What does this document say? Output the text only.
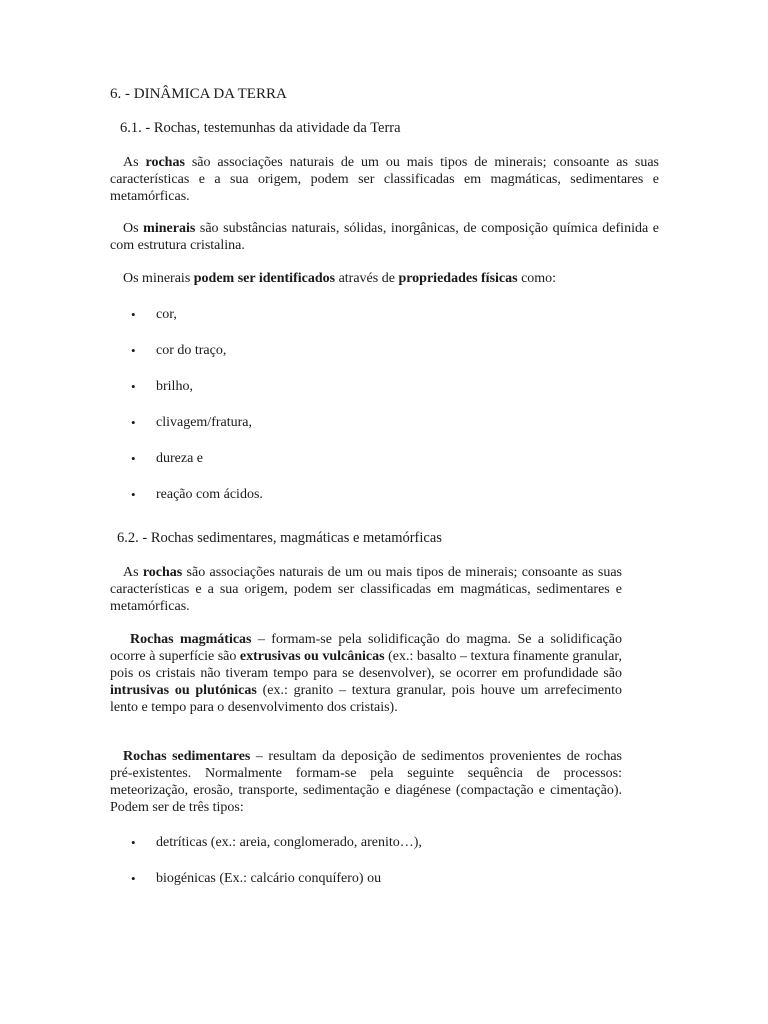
6. - DINÂMICA DA TERRA
6.1. - Rochas, testemunhas da atividade da Terra

As rochas são associações naturais de um ou mais tipos de minerais; consoante as suas características e a sua origem, podem ser classificadas em magmáticas, sedimentares e metamórficas.

Os minerais são substâncias naturais, sólidas, inorgânicas, de composição química definida e com estrutura cristalina.

Os minerais podem ser identificados através de propriedades físicas como:

• cor,
• cor do traço,
• brilho,
• clivagem/fratura,
• dureza e
• reação com ácidos.
6.2. - Rochas sedimentares, magmáticas e metamórficas

As rochas são associações naturais de um ou mais tipos de minerais; consoante as suas características e a sua origem, podem ser classificadas em magmáticas, sedimentares e metamórficas.

Rochas magmáticas – formam-se pela solidificação do magma. Se a solidificação ocorre à superfície são extrusivas ou vulcânicas (ex.: basalto – textura finamente granular, pois os cristais não tiveram tempo para se desenvolver), se ocorrer em profundidade são intrusivas ou plutónicas (ex.: granito – textura granular, pois houve um arrefecimento lento e tempo para o desenvolvimento dos cristais).

Rochas sedimentares – resultam da deposição de sedimentos provenientes de rochas pré-existentes. Normalmente formam-se pela seguinte sequência de processos: meteorização, erosão, transporte, sedimentação e diagénese (compactação e cimentação).        Podem ser de três tipos:

• detríticas (ex.: areia, conglomerado, arenito…),
• biogénicas (Ex.: calcário conquífero) ou
